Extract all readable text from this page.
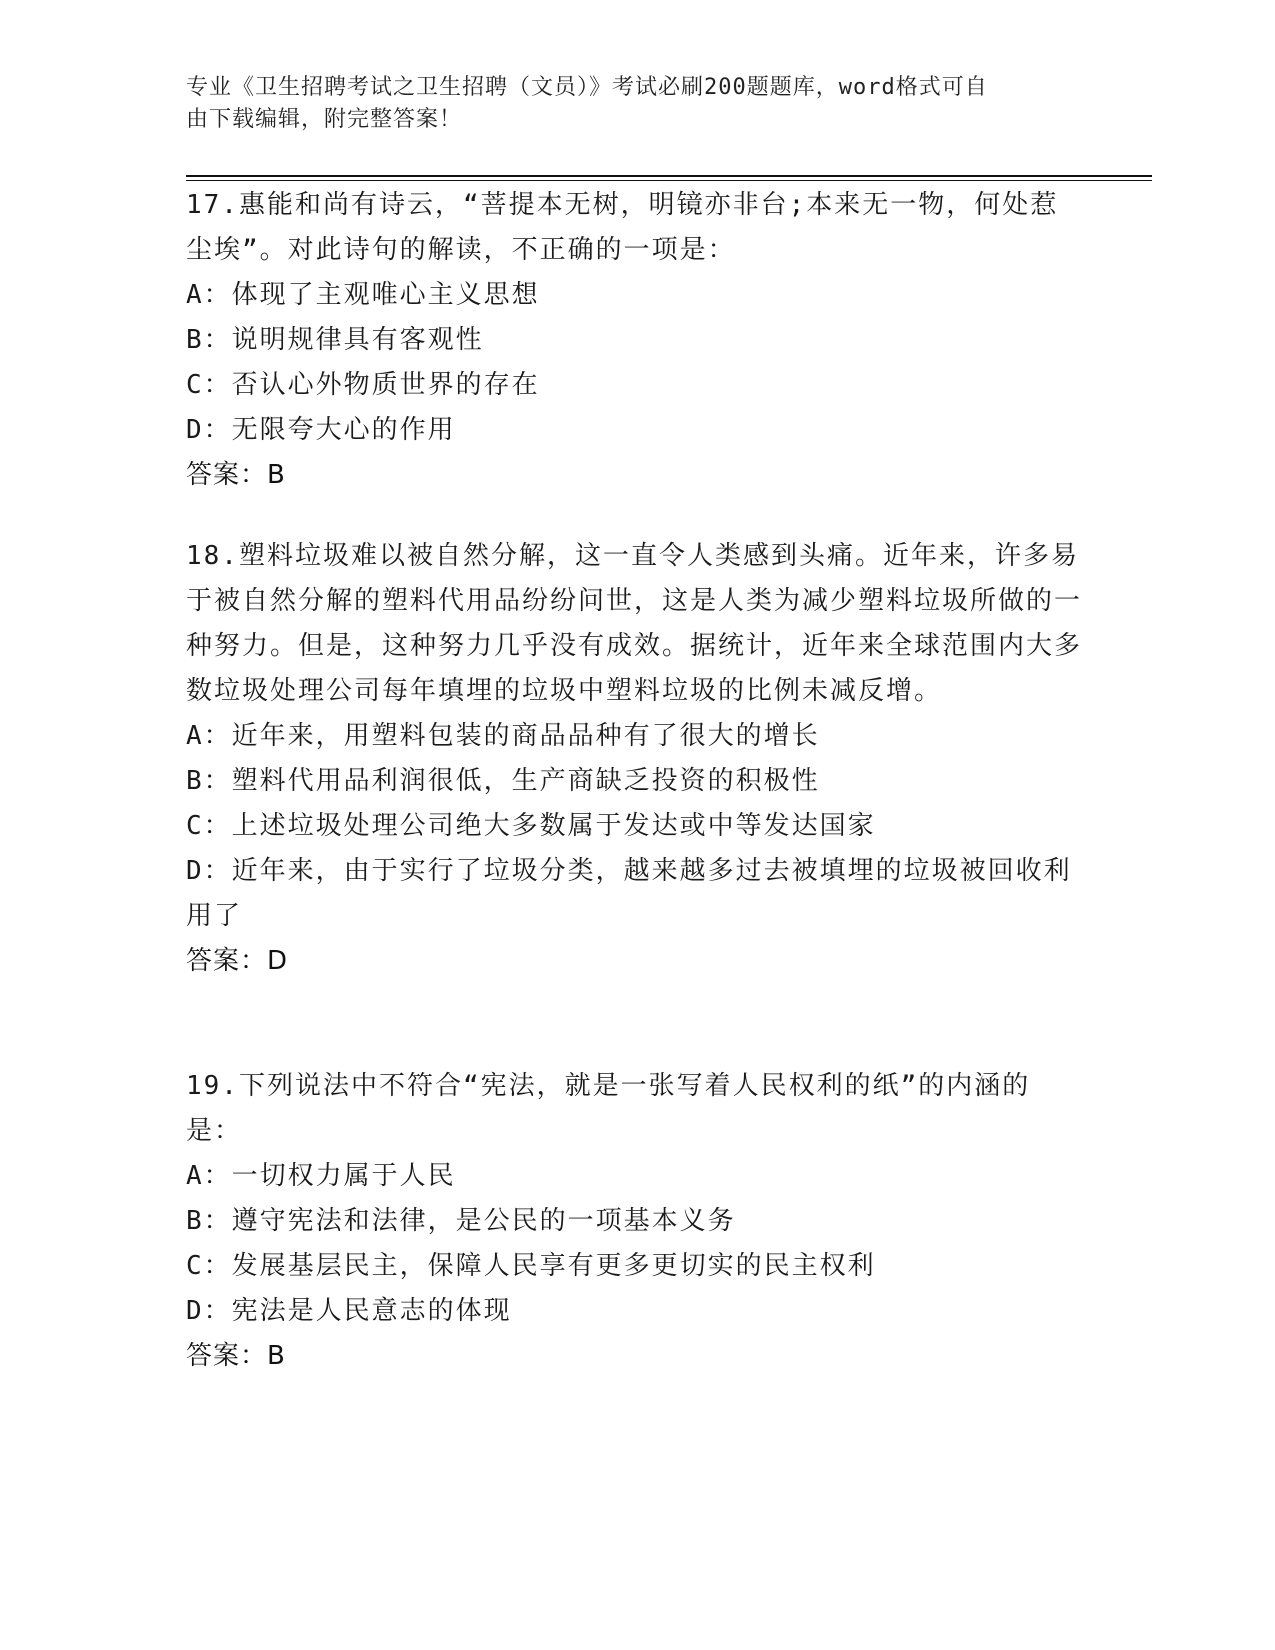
专业《卫生招聘考试之卫生招聘（文员）》考试必刷200题题库，word格式可自
由下载编辑，附完整答案！

17.惠能和尚有诗云，“菩提本无树，明镜亦非台;本来无一物，何处惹尘埃”。对此诗句的解读，不正确的一项是：

A：体现了主观唯心主义思想

B：说明规律具有客观性

C：否认心外物质世界的存在

D：无限夸大心的作用

答案：B

18.塑料垃圾难以被自然分解，这一直令人类感到头痛。近年来，许多易于被自然分解的塑料代用品纷纷问世，这是人类为减少塑料垃圾所做的一种努力。但是，这种努力几乎没有成效。据统计，近年来全球范围内大多数垃圾处理公司每年填埋的垃圾中塑料垃圾的比例未减反增。

A：近年来，用塑料包装的商品品种有了很大的增长

B：塑料代用品利润很低，生产商缺乏投资的积极性

C：上述垃圾处理公司绝大多数属于发达或中等发达国家

D：近年来，由于实行了垃圾分类，越来越多过去被填埋的垃圾被回收利用了

答案：D

19.下列说法中不符合“宪法，就是一张写着人民权利的纸”的内涵的是：

A：一切权力属于人民

B：遵守宪法和法律，是公民的一项基本义务

C：发展基层民主，保障人民享有更多更切实的民主权利

D：宪法是人民意志的体现

答案：B
